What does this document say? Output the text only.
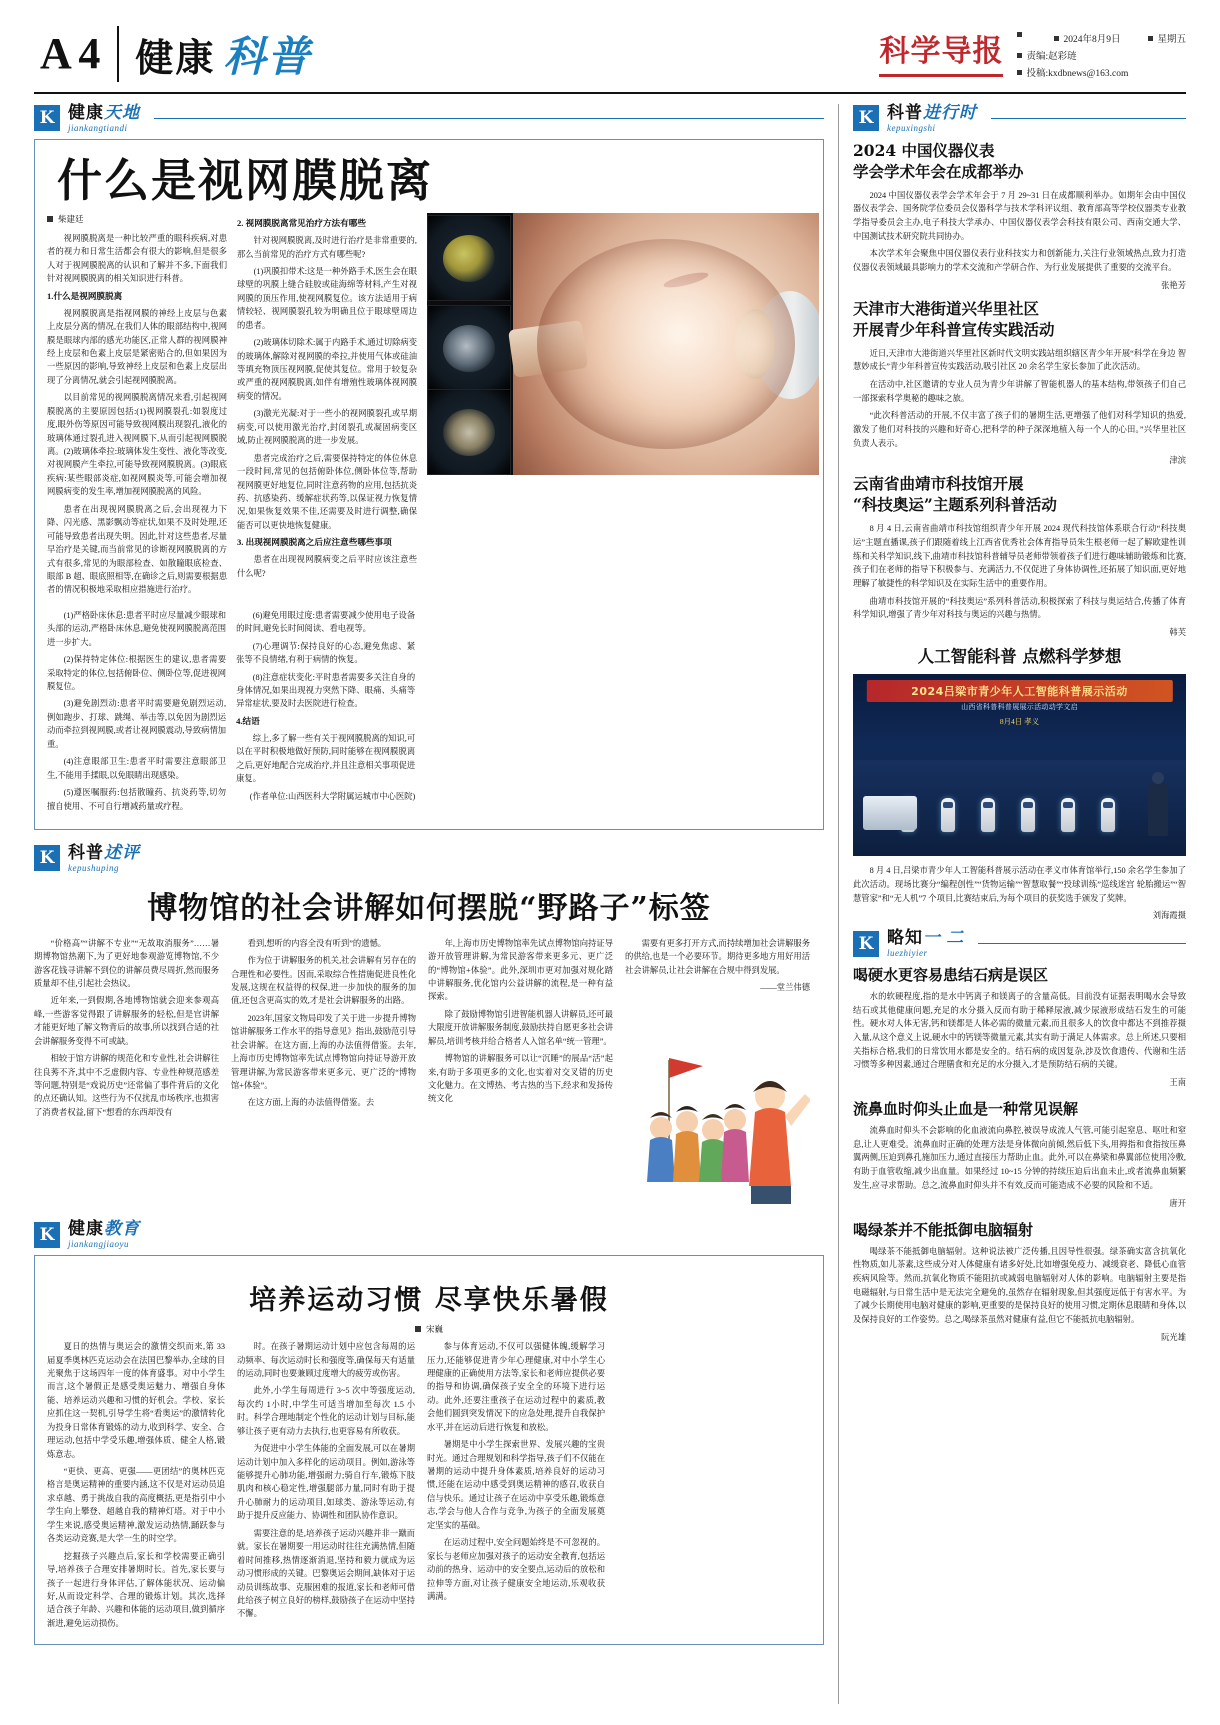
A 4 健康 科普	科学导报	2024年8月9日	星期五
责编:赵彩琏
投稿:kxdbnews@163.com
K 健康天地
jiankangtiandi
什么是视网膜脱离
柴建廷

视网膜脱离是一种比较严重的眼科疾病,对患者的视力和日常生活都会有很大的影响,但是很多人对于视网膜脱离的认识和了解并不多,下面我们针对视网膜脱离的相关知识进行科普。

1.什么是视网膜脱离

视网膜脱离是指视网膜的神经上皮层与色素上皮层分离的情况,在我们人体的眼部结构中,视网膜是眼球内部的感光功能区,正常人群的视网膜神经上皮层和色素上皮层是紧密贴合的,但如果因为一些原因的影响,导致神经上皮层和色素上皮层出现了分离情况,就会引起视网膜脱离。

以目前常见的视网膜脱离情况来看,引起视网膜脱离的主要原因包括:(1)视网膜裂孔:如裂度过度,眼外伤等原因可能导致视网膜出现裂孔,液化的玻璃体通过裂孔进入视网膜下,从而引起视网膜脱离。(2)玻璃体牵拉:玻璃体发生变性、液化等改变,对视网膜产生牵拉,可能导致视网膜脱离。(3)眼底疾病:某些眼部炎症,如视网膜炎等,可能会增加视网膜病变的发生率,增加视网膜脱离的风险。

患者在出现视网膜脱离之后,会出现视力下降、闪光感、黑影飘动等症状,如果不及时处理,还可能导致患者出现失明。因此,针对这些患者,尽量早治疗是关键,而当前常见的诊断视网膜脱离的方式有很多,常见的为眼部检查、如散瞳眼底检查、眼部 B 超、眼底照相等,在确诊之后,则需要根据患者的情况积极地采取相应措施进行治疗。

2. 视网膜脱离常见治疗方法有哪些

针对视网膜脱离,及时进行治疗是非常重要的,那么当前常见的治疗方式有哪些呢?

(1)巩膜扣带术:这是一种外路手术,医生会在眼球壁的巩膜上缝合硅胶或硅海绵等材料,产生对视网膜的顶压作用,使视网膜复位。该方法适用于病情较轻、视网膜裂孔较为明确且位于眼球壁周边的患者。

(2)玻璃体切除术:属于内路手术,通过切除病变的玻璃体,解除对视网膜的牵拉,并使用气体或硅油等填充物顶压视网膜,促使其复位。常用于较复杂或严重的视网膜脱离,如伴有增殖性玻璃体视网膜病变的情况。

(3)激光光凝:对于一些小的视网膜裂孔或早期病变,可以使用激光治疗,封闭裂孔或凝固病变区域,防止视网膜脱离的进一步发展。

患者完成治疗之后,需要保持特定的体位休息一段时间,常见的包括俯卧体位,侧卧体位等,帮助视网膜更好地复位,同时注意药物的应用,包括抗炎药、抗感染药、缓解症状药等,以保证视力恢复情况,如果恢复效果不佳,还需要及时进行调整,确保能否可以更快地恢复健康。

3. 出现视网膜脱离之后应注意些哪些事项

患者在出现视网膜病变之后平时应该注意些什么呢?

(1)严格卧床休息:患者平时应尽量减少眼球和头部的运动,严格卧床休息,避免使视网膜脱离范围进一步扩大。

(2)保持特定体位:根据医生的建议,患者需要采取特定的体位,包括俯卧位、侧卧位等,促进视网膜复位。

(3)避免剧烈动:患者平时需要避免剧烈运动,例如跑步、打球、跳绳、举击等,以免因为剧烈运动而牵拉到视网膜,或者让视网膜震动,导致病情加重。

(4)注意眼部卫生:患者平时需要注意眼部卫生,不能用手揉眼,以免眼睛出现感染。

(5)遵医嘱服药:包括散瞳药、抗炎药等,切勿擅自使用、不可自行增减药量或疗程。

(6)避免用眼过度:患者需要减少使用电子设备的时间,避免长时间阅读、看电视等。

(7)心理调节:保持良好的心态,避免焦虑、紧张等不良情绪,有利于病情的恢复。

(8)注意症状变化:平时患者需要多关注自身的身体情况,如果出现视力突然下降、眼痛、头痛等异常症状,要及时去医院进行检查。

4.结语

综上,多了解一些有关于视网膜脱离的知识,可以在平时积极地做好预防,同时能够在视网膜脱离之后,更好地配合完成治疗,并且注意相关事项促进康复。

(作者单位:山西医科大学附属运城市中心医院)
K 科普述评
kepushuping
博物馆的社会讲解如何摆脱“野路子”标签

“价格高”“讲解不专业”“无故取消服务”……暑期博物馆热潮下,为了更好地参观游览博物馆,不少游客花钱寻讲解不到位的讲解员费尽周折,然而服务质量却不佳,引起社会热议。

近年来,一到假期,各地博物馆就会迎来参观高峰,一些游客觉得跟了讲解服务的轻松,但是官讲解才能更好地了解文物背后的故事,所以找到合适的社会讲解服务变得不可或缺。

相较于馆方讲解的规范化和专业性,社会讲解往往良莠不齐,其中不乏虚假内容、专业性种规范感差等问题,特别是“戏说历史”还常偏了事件背后的文化的点还确认知。这些行为不仅扰乱市场秩序,也损害了消费者权益,留下“想看的东西却没有

看到,想听的内容全没有听到”的遗憾。

作为位于讲解服务的机关,社会讲解有另存在的合理性和必要性。因而,采取综合性措施促进良性化发展,这规在权益得的权保,进一步加快的服务的加值,还包含更高实的效,才是社会讲解服务的出路。

2023年,国家文物局印发了关于进一步提升博物馆讲解服务工作水平的指导意见》指出,鼓励范引导社会讲解。在这方面,上海的办法值得借鉴。去年,上海市历史博物馆率先试点博物馆向持证导游开放管理讲解,为常民游客带来更多元、更广泛的“博物馆+体验”。

在这方面,上海的办法值得借鉴。去

年,上海市历史博物馆率先试点博物馆向持证导游开放管理讲解,为常民游客带来更多元、更广泛的“博物馆+体验”。此外,深圳市更对加强对规化踏中讲解服务,优化馆内公益讲解的流程,是一种有益探索。

除了鼓励博物馆引进智能机器人讲解员,还可最大限度开放讲解服务制度,鼓励扶持自愿更多社会讲解员,培训考核并给合格者人入馆名单“统一管理”。

博物馆的讲解服务可以让“沉睡”的展品“活”起来,有助于多项更多的文化,也实着对交叉错的历史文化魅力。在文博热、考古热的当下,经求和发扬传统文化

需要有更多打开方式,而持续增加社会讲解服务的供给,也是一个必要环节。期待更多地方用好用活社会讲解员,让社会讲解在合规中得到发展。

——堂兰伟德
K 健康教育
jiankangjiaoyu
培养运动习惯 尽享快乐暑假
宋巍

夏日的热情与奥运会的激情交织而来,第 33 届夏季奥林匹克运动会在法国巴黎举办,全球的目光聚焦于这场四年一度的体育盛事。对中小学生而言,这个暑假正是感受奥运魅力、增强自身体能、培养运动兴趣和习惯的好机会。学校、家长应抓住这一契机,引导学生将“看奥运”的激情转化为投身日常体育锻炼的动力,收到科学、安全、合理运动,包括中学受乐趣,增强体质、健全人格,锻炼意志。

“更快、更高、更强——更团结”的奥林匹克格言是奥运精神的重要内涵,这不仅是对运动员追求卓越、勇于挑战自我的高度概括,更是指引中小学生向上攀登、超越自我的精神灯塔。对于中小学生来说,感受奥运精神,激发运动热情,踊跃参与各类运动竞赛,是大学一生的时空学。

挖掘孩子兴趣点后,家长和学校需要正确引导,培养孩子合理安排暑期时长。首先,家长要与孩子一起进行身体评估,了解体能状况、运动偏好,从而设定科学、合理的锻炼计划。其次,选择适合孩子年龄、兴趣和体能的运动项目,做到循序渐进,避免运动损伤。

时。在孩子暑期运动计划中应包含每周的运动频率、每次运动时长和强度等,确保每天有适量的运动,同时也要兼顾过度增大的疲劳或伤害。

此外,小学生每周进行 3~5 次中等强度运动,每次约 1小时,中学生可适当增加至每次 1.5 小时。科学合理地制定个性化的运动计划与目标,能够让孩子更有动力去执行,也更容易有所收获。

为促进中小学生体能的全面发展,可以在暑期运动计划中加入多样化的运动项目。例如,游泳等能够提升心肺功能,增强耐力;骑自行车,锻炼下肢肌肉和核心稳定性,增强腿部力量,同时有助于提升心肺耐力的运动项目,如球类、游泳等运动,有助于提升反应能力、协调性和团队协作意识。

需要注意的是,培养孩子运动兴趣并非一蹴而就。家长在暑期要一用运动时往往充满热情,但随着时间推移,热情逐渐消退,坚持和毅力就成为运动习惯形成的关键。巴黎奥运会期间,缺体对于运动员训练故事、克服困难的报道,家长和老师可借此给孩子树立良好的榜样,鼓励孩子在运动中坚持不懈。

参与体育运动,不仅可以强健体魄,缓解学习压力,还能够促进青少年心理健康,对中小学生心理健康的正确使用方法等,家长和老师应提供必要的指导和协调,确保孩子安全全的环境下进行运动。此外,还要注重孩子在运动过程中的素质,教会他们圆到突发情况下的应急处理,提升自我保护水平,并在运动后进行恢复和放松。

暑期是中小学生探索世界、发展兴趣的宝贵时光。通过合理规划和科学指导,孩子们不仅能在暑期的运动中提升身体素质,培养良好的运动习惯,还能在运动中感受到奥运精神的感召,收获自信与快乐。通过让孩子在运动中享受乐趣,锻炼意志,学会与他人合作与竞争,为孩子的全面发展奠定坚实的基础。

在运动过程中,安全问题始终是不可忽视的。家长与老师应加强对孩子的运动安全教育,包括运动前的热身、运动中的安全要点,运动后的放松和拉伸等方面,对让孩子健康安全地运动,乐观收获满满。

K 科普进行时
kepuxingshi
2024 中国仪器仪表
学会学术年会在成都举办

2024 中国仪器仪表学会学术年会于 7 月 29~31 日在成都顺利举办。如期年会由中国仪器仪表学会、国务院学位委员会仪器科学与技术学科评议组、教育部高等学校仪器类专业教学指导委员会主办,电子科技大学承办、中国仪器仪表学会科技有限公司、西南交通大学、中国测试技术研究院共同协办。

本次学术年会聚焦中国仪器仪表行业科技实力和创新能力,关注行业领域热点,致力打造仪器仪表领域最具影响力的学术交流和产学研合作、为行业发展提供了重要的交流平台。

张艳芳
天津市大港街道兴华里社区
开展青少年科普宣传实践活动

近日,天津市大港街道兴华里社区新时代文明实践站组织辖区青少年开展“科学在身边 智慧妙成长”青少年科普宣传实践活动,吸引社区 20 余名学生家长参加了此次活动。

在活动中,社区邀请的专业人员为青少年讲解了智能机器人的基本结构,带领孩子们自己一部探索科学奥秘的趣味之旅。

“此次科普活动的开展,不仅丰富了孩子们的暑期生活,更增强了他们对科学知识的热爱,激发了他们对科技的兴趣和好奇心,把科学的种子深深地植入每一个人的心田。”兴华里社区负责人表示。

津滨
云南省曲靖市科技馆开展
“科技奥运”主题系列科普活动

8 月 4 日,云南省曲靖市科技馆组织青少年开展 2024 现代科技馆体系联合行动“科技奥运”主题直播课,孩子们跟随着线上江西省优秀社会体育指导员朱生根老师一起了解欧建性训练和关科学知识,线下,曲靖市科技馆科普辅导员老师带领着孩子们进行趣味辅助锻炼和比赛,孩子们在老师的指导下积极参与、充满活力,不仅促进了身体协调性,还拓展了知识面,更好地理解了敏捷性的科学知识及在实际生活中的重要作用。

曲靖市科技馆开展的“科技奥运”系列科普活动,积极探索了科技与奥运结合,传播了体育科学知识,增强了青少年对科技与奥运的兴趣与热情。

韩芙
人工智能科普 点燃科学梦想
2024吕梁市青少年人工智能科普展示活动
山西省科普科普展展示活动动学文启
8月4日 孝义

8 月 4 日,吕梁市青少年人工智能科普展示活动在孝义市体育馆举行,150 余名学生参加了此次活动。现场比赛分“编程创性”“货物运输”“智慧取餐”“投球训练”巡线迷宫 轮胎搬运”“智慧管家”和“无人机”7 个项目,比赛结束后,为每个项目的获奖选手颁发了奖牌。

刘海霞摄
K 略知一 二
luezhiyier
喝硬水更容易患结石病是误区

水的软硬程度,指的是水中钙离子和镁离子的含量高低。目前没有证据表明喝水会导致结石或其他健康问题,充足的水分摄入反而有助于稀释尿液,减少尿液形成结石发生的可能性。硬水对人体无害,钙和镁都是人体必需的微量元素,而且很多人的饮食中都达不到推荐摄入量,从这个意义上说,硬水中的钙镁等微量元素,其实有助于满足人体需求。总上所述,只要相关指标合格,我们的日常饮用水都是安全的。结石病的成因复杂,涉及饮食遗传、代谢和生活习惯等多种因素,通过合理膳食和充足的水分摄入,才是预防结石病的关键。

王南
流鼻血时仰头止血是一种常见误解

流鼻血时仰头不会影响的化血液流向鼻腔,被误导成流人气管,可能引起窒息、呕吐和窒息,让人更难受。流鼻血时正确的处理方法是身体微向前倾,然后低下头,用拇指和食指按压鼻翼两侧,压迫到鼻孔施加压力,通过直接压力帮助止血。此外,可以在鼻梁和鼻翼部位使用冷敷,有助于血管收缩,减少出血量。如果经过 10~15 分钟的持续压迫后出血未止,或者流鼻血频繁发生,应寻求帮助。总之,流鼻血时仰头并不有效,反而可能造成不必要的风险和不适。

唐开
喝绿茶并不能抵御电脑辐射

喝绿茶不能抵御电脑辐射。这种说法被广泛传播,且因导性很强。绿茶确实富含抗氧化性物质,如儿茶素,这些成分对人体健康有诸多好处,比如增强免疫力、减缓衰老、降低心血管疾病风险等。然而,抗氧化物质不能阻抗或减弱电脑辐射对人体的影响。电脑辐射主要是指电磁辐射,与日常生活中是无法完全避免的,虽然存在辐射现象,但其强度远低于有害水平。为了减少长期使用电脑对健康的影响,更重要的是保持良好的使用习惯,定期休息眼睛和身体,以及保持良好的工作姿势。总之,喝绿茶虽然对健康有益,但它不能抵抗电脑辐射。

阮光雄
